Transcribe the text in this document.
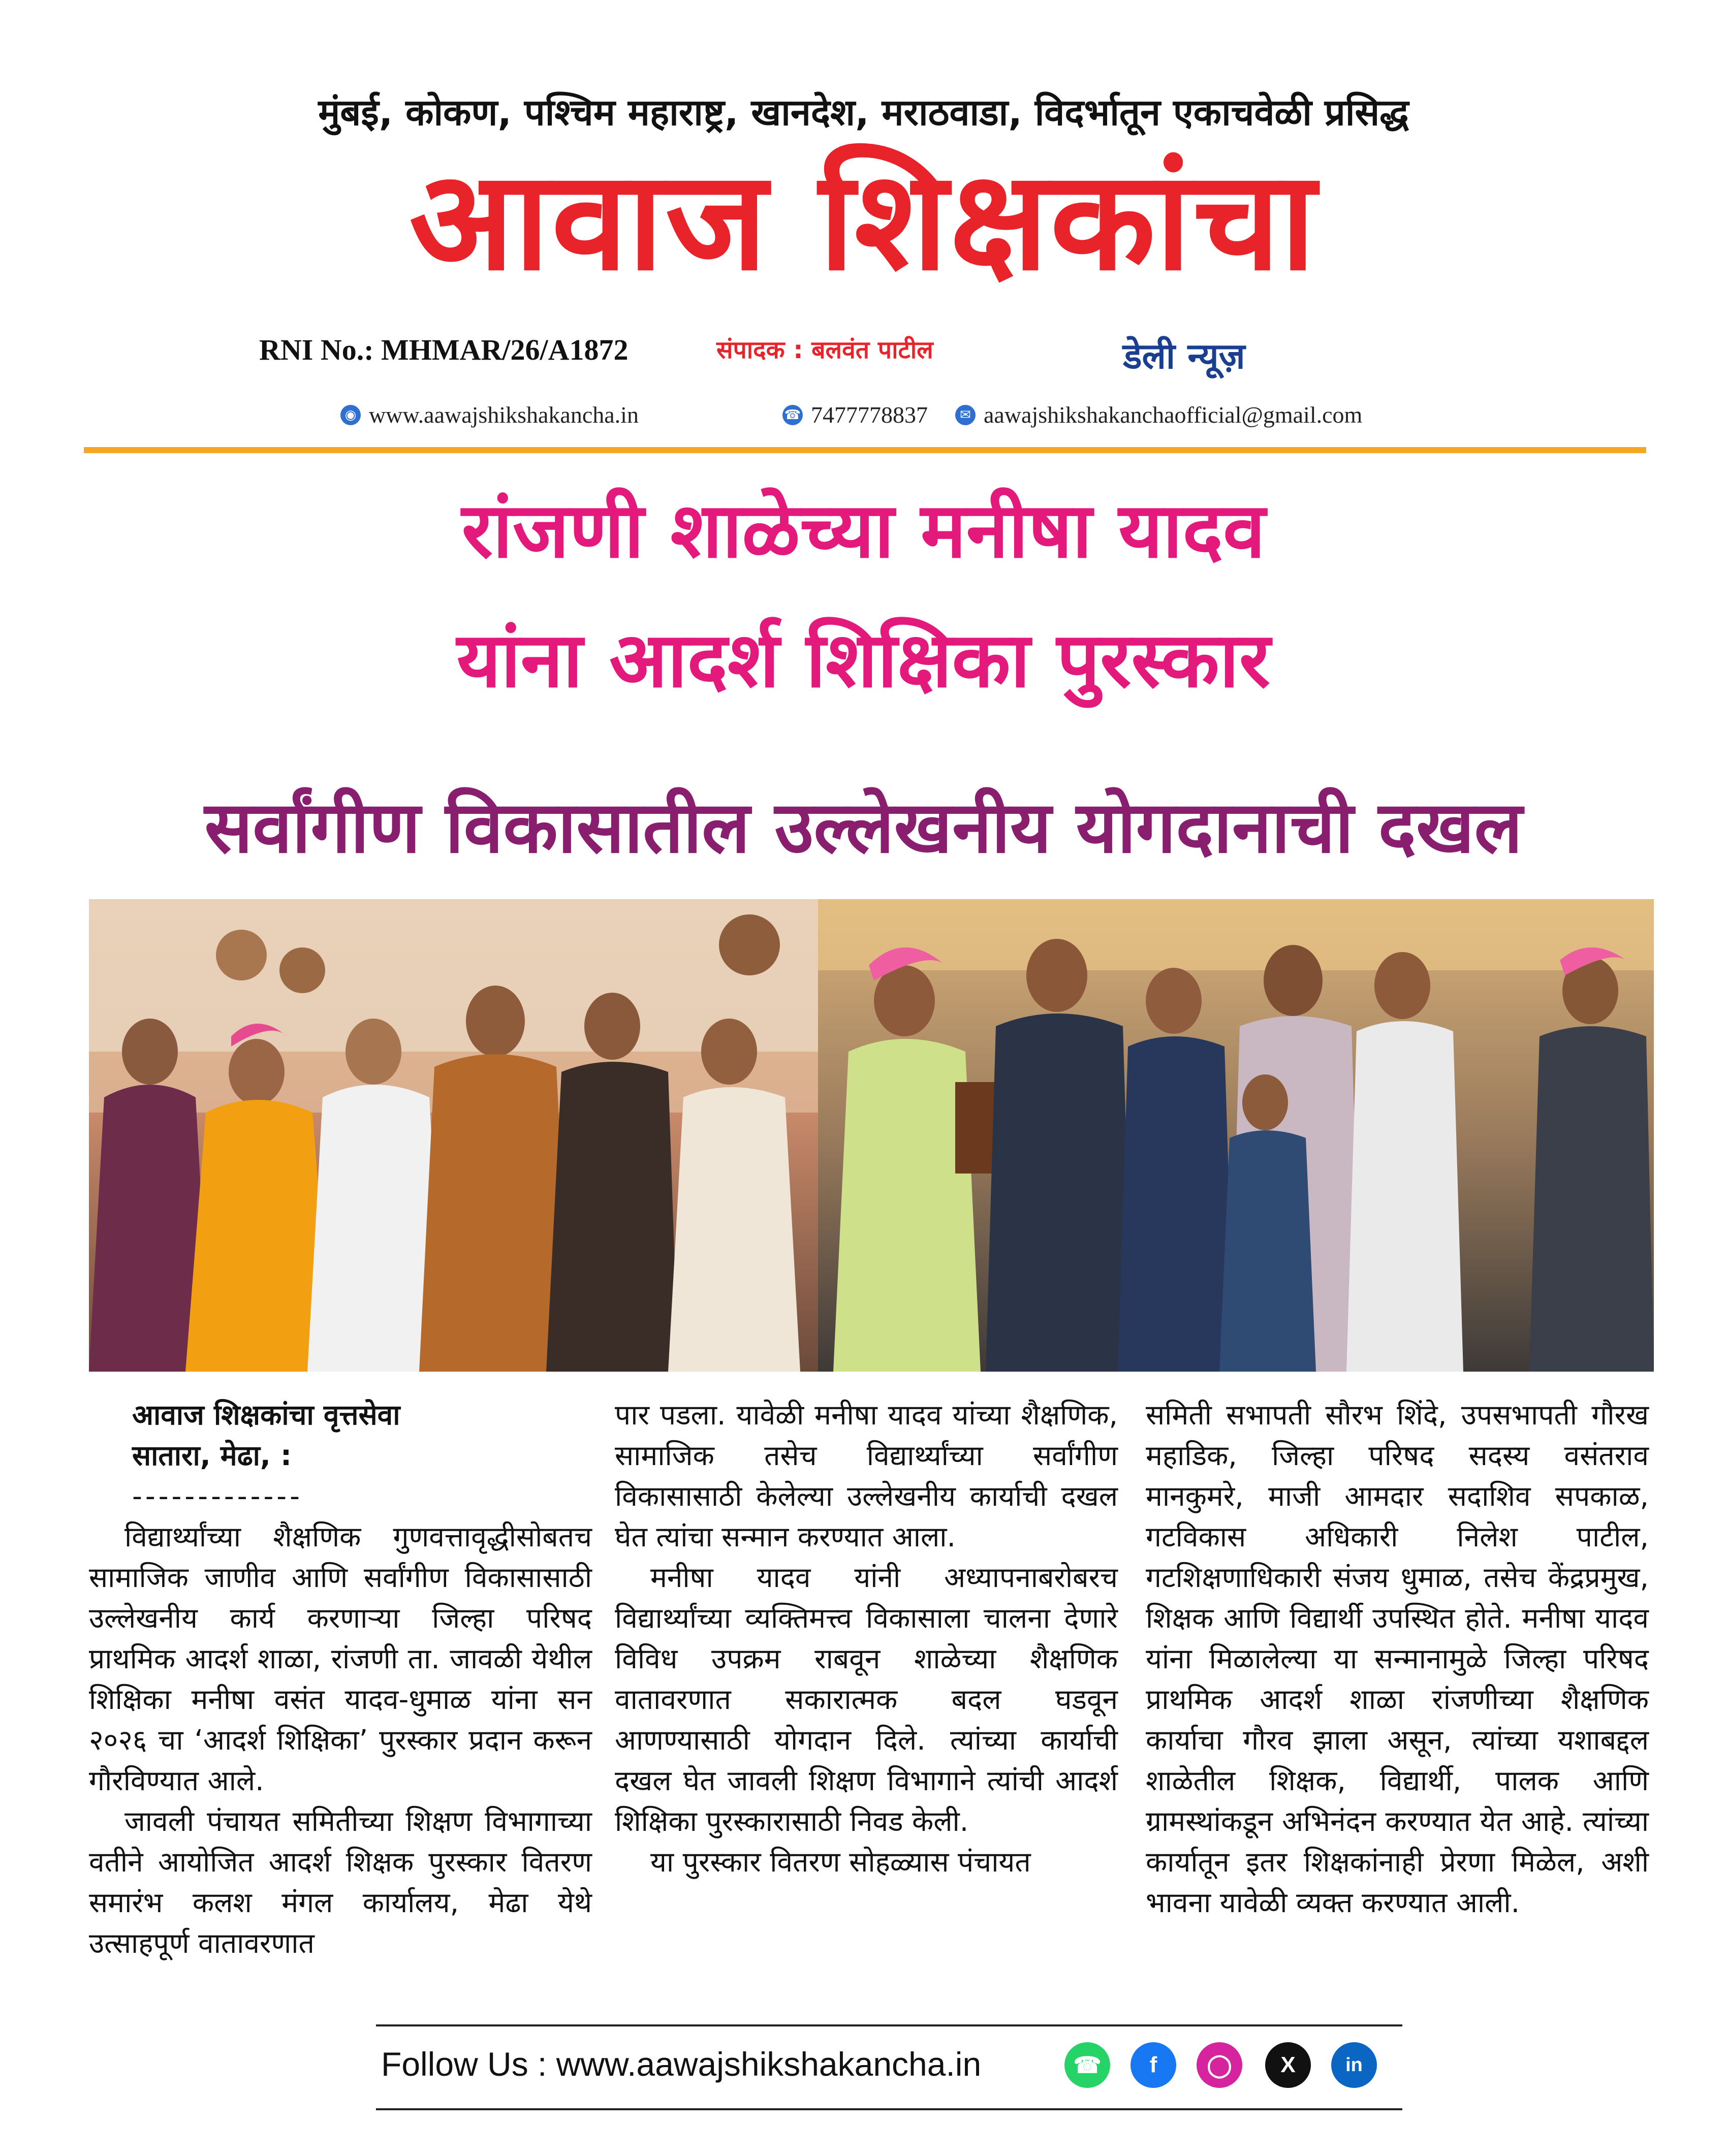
मुंबई, कोकण, पश्चिम महाराष्ट्र, खानदेश, मराठवाडा, विदर्भातून एकाचवेळी प्रसिद्ध
आवाज शिक्षकांचा
RNI No.: MHMAR/26/A1872	संपादक : बलवंत पाटील	डेली न्यूज़
◉ www.aawajshikshakancha.in	☎ 7477778837	✉ aawajshikshakanchaofficial@gmail.com
रांजणी शाळेच्या मनीषा यादव
यांना आदर्श शिक्षिका पुरस्कार
सर्वांगीण विकासातील उल्लेखनीय योगदानाची दखल

आवाज शिक्षकांचा वृत्तसेवा

सातारा, मेढा, :

-------------

विद्यार्थ्यांच्या शैक्षणिक गुणवत्तावृद्धीसोबतच सामाजिक जाणीव आणि सर्वांगीण विकासासाठी उल्लेखनीय कार्य करणाऱ्या जिल्हा परिषद प्राथमिक आदर्श शाळा, रांजणी ता. जावळी येथील शिक्षिका मनीषा वसंत यादव-धुमाळ यांना सन २०२६ चा ‘आदर्श शिक्षिका’ पुरस्कार प्रदान करून गौरविण्यात आले.

जावली पंचायत समितीच्या शिक्षण विभागाच्या वतीने आयोजित आदर्श शिक्षक पुरस्कार वितरण समारंभ कलश मंगल कार्यालय, मेढा येथे उत्साहपूर्ण वातावरणात

पार पडला. यावेळी मनीषा यादव यांच्या शैक्षणिक, सामाजिक तसेच विद्यार्थ्यांच्या सर्वांगीण विकासासाठी केलेल्या उल्लेखनीय कार्याची दखल घेत त्यांचा सन्मान करण्यात आला.

मनीषा यादव यांनी अध्यापनाबरोबरच विद्यार्थ्यांच्या व्यक्तिमत्त्व विकासाला चालना देणारे विविध उपक्रम राबवून शाळेच्या शैक्षणिक वातावरणात सकारात्मक बदल घडवून आणण्यासाठी योगदान दिले. त्यांच्या कार्याची दखल घेत जावली शिक्षण विभागाने त्यांची आदर्श शिक्षिका पुरस्कारासाठी निवड केली.

या पुरस्कार वितरण सोहळ्यास पंचायत

समिती सभापती सौरभ शिंदे, उपसभापती गौरख महाडिक, जिल्हा परिषद सदस्य वसंतराव मानकुमरे, माजी आमदार सदाशिव सपकाळ, गटविकास अधिकारी निलेश पाटील, गटशिक्षणाधिकारी संजय धुमाळ, तसेच केंद्रप्रमुख, शिक्षक आणि विद्यार्थी उपस्थित होते. मनीषा यादव यांना मिळालेल्या या सन्मानामुळे जिल्हा परिषद प्राथमिक आदर्श शाळा रांजणीच्या शैक्षणिक कार्याचा गौरव झाला असून, त्यांच्या यशाबद्दल शाळेतील शिक्षक, विद्यार्थी, पालक आणि ग्रामस्थांकडून अभिनंदन करण्यात येत आहे. त्यांच्या कार्यातून इतर शिक्षकांनाही प्रेरणा मिळेल, अशी भावना यावेळी व्यक्त करण्यात आली.

Follow Us : www.aawajshikshakancha.in	☎	f	◯	X	in
